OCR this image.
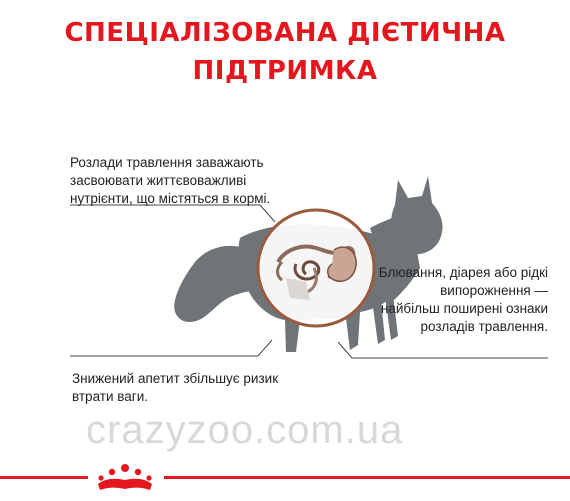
СПЕЦІАЛІЗОВАНА ДІЄТИЧНА
ПІДТРИМКА
Розлади травлення заважають засвоювати життєвоважливі нутрієнти, що містяться в кормі.
Блювання, діарея або рідкі випорожнення — найбільш поширені ознаки розладів травлення.
Знижений апетит збільшує ризик втрати ваги.
crazyzoo.com.ua
